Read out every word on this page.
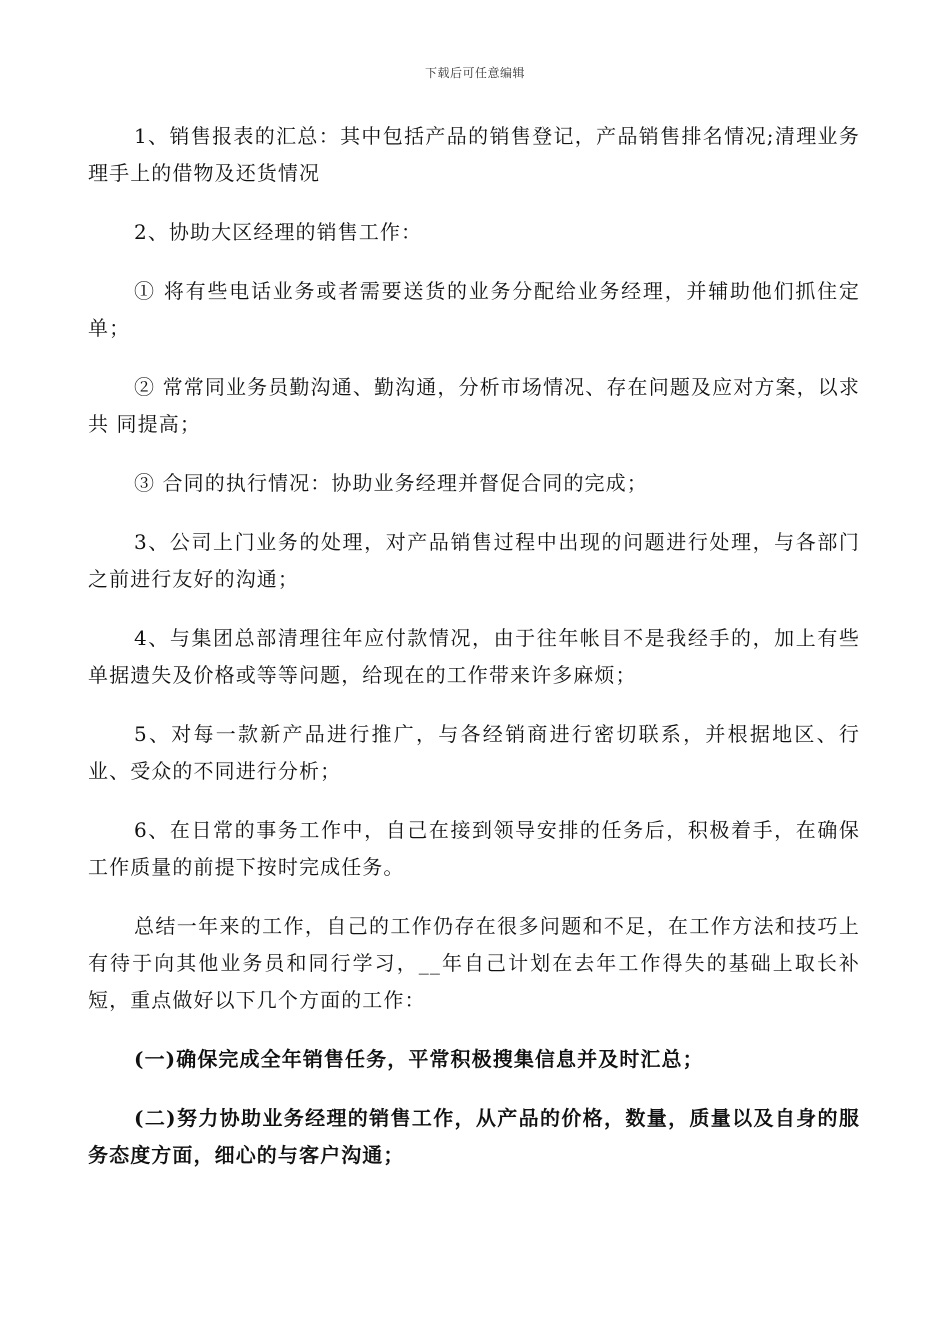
下载后可任意编辑

1、销售报表的汇总：其中包括产品的销售登记，产品销售排名情况;清理业务 理手上的借物及还货情况

2、协助大区经理的销售工作：

① 将有些电话业务或者需要送货的业务分配给业务经理，并辅助他们抓住定单；

② 常常同业务员勤沟通、勤沟通，分析市场情况、存在问题及应对方案，以求共 同提高；

③ 合同的执行情况：协助业务经理并督促合同的完成；

3、公司上门业务的处理，对产品销售过程中出现的问题进行处理，与各部门之前进行友好的沟通；

4、与集团总部清理往年应付款情况，由于往年帐目不是我经手的，加上有些单据遗失及价格或等等问题，给现在的工作带来许多麻烦；

5、对每一款新产品进行推广，与各经销商进行密切联系，并根据地区、行业、受众的不同进行分析；

6、在日常的事务工作中，自己在接到领导安排的任务后，积极着手，在确保工作质量的前提下按时完成任务。

总结一年来的工作，自己的工作仍存在很多问题和不足，在工作方法和技巧上有待于向其他业务员和同行学习，__年自己计划在去年工作得失的基础上取长补短，重点做好以下几个方面的工作：

(一)确保完成全年销售任务，平常积极搜集信息并及时汇总；

(二)努力协助业务经理的销售工作，从产品的价格，数量，质量以及自身的服务态度方面，细心的与客户沟通；
